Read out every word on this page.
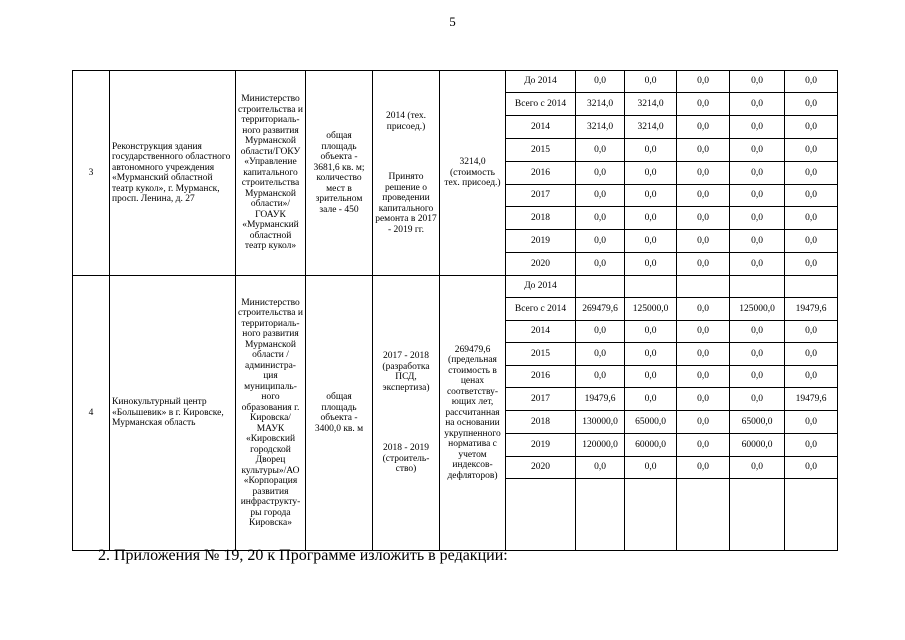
5
3	Реконструкция здания государственного областного автономного учреждения «Мурманский областной театр кукол», г. Мурманск, просп. Ленина, д. 27	Министерство строительства и территориаль-ного развития Мурманской области/ГОКУ «Управление капитального строительства Мурманской области»/ ГОАУК «Мурманский областной театр кукол»	общая площадь объекта - 3681,6 кв. м; количество мест в зрительном зале - 450	2014 (тех. присоед.)
Принято решение о проведении капитального ремонта в 2017 - 2019 гг.	3214,0 (стоимость тех. присоед.)	До 2014	0,0	0,0	0,0	0,0	0,0
						Всего с 2014	3214,0	3214,0	0,0	0,0	0,0
						2014	3214,0	3214,0	0,0	0,0	0,0
						2015	0,0	0,0	0,0	0,0	0,0
						2016	0,0	0,0	0,0	0,0	0,0
						2017	0,0	0,0	0,0	0,0	0,0
						2018	0,0	0,0	0,0	0,0	0,0
						2019	0,0	0,0	0,0	0,0	0,0
						2020	0,0	0,0	0,0	0,0	0,0
4	Кинокультурный центр «Большевик» в г. Кировске, Мурманская область	Министерство строительства и территориаль-ного развития Мурманской области /администра-ция муниципаль-ного образования г. Кировска/ МАУК «Кировский городской Дворец культуры»/АО «Корпорация развития инфраструкту-ры города Кировска»	общая площадь объекта - 3400,0 кв. м	2017 - 2018 (разработка ПСД, экспертиза)
2018 - 2019 (строитель-ство)	269479,6 (предельная стоимость в ценах соответству-ющих лет, рассчитанная на основании укрупненного норматива с учетом индексов-дефляторов)	До 2014					
						Всего с 2014	269479,6	125000,0	0,0	125000,0	19479,6
						2014	0,0	0,0	0,0	0,0	0,0
						2015	0,0	0,0	0,0	0,0	0,0
						2016	0,0	0,0	0,0	0,0	0,0
						2017	19479,6	0,0	0,0	0,0	19479,6
						2018	130000,0	65000,0	0,0	65000,0	0,0
						2019	120000,0	60000,0	0,0	60000,0	0,0
						2020	0,0	0,0	0,0	0,0	0,0

2. Приложения № 19, 20 к Программе изложить в редакции:
